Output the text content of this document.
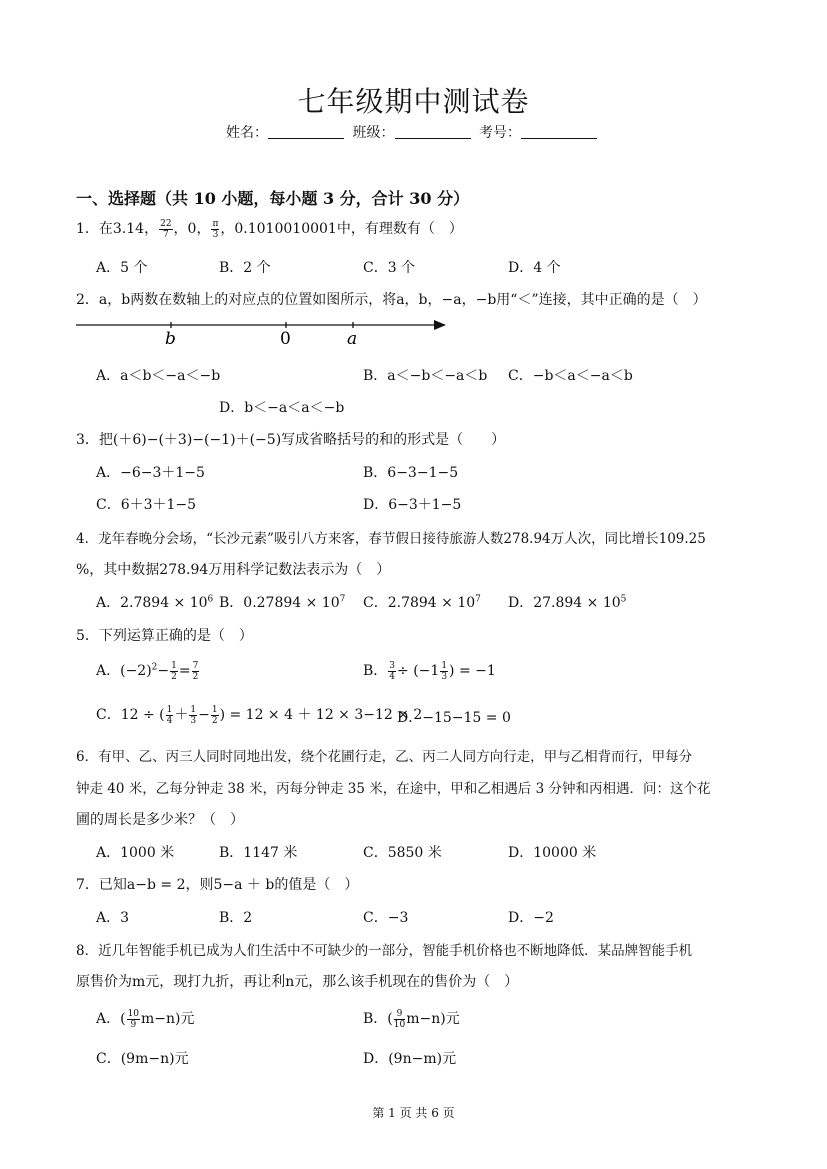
七年级期中测试卷
姓名：	班级：	考号：
一、选择题（共 10 小题，每小题 3 分，合计 30 分）
1．在3.14， $\frac{22}{7}$ ，0， $\frac{\pi}{3}$ ，0.1010010001中，有理数有（　）
A．5 个	B．2 个	C．3 个	D．4 个
2．a，b两数在数轴上的对应点的位置如图所示，将a，b，−a，−b用“＜”连接，其中正确的是（　）
b	0	a
A．a＜b＜−a＜−b	B．a＜−b＜−a＜b C．−b＜a＜−a＜b
D．b＜−a＜a＜−b
3．把(＋6)−(＋3)−(−1)＋(−5)写成省略括号的和的形式是（　　）
A．−6−3＋1−5	B．6−3−1−5
C．6＋3＋1−5	D．6−3＋1−5
4．龙年春晚分会场，“长沙元素”吸引八方来客，春节假日接待旅游人数278.94万人次，同比增长109.25
%，其中数据278.94万用科学记数法表示为（　）
A．$2.7894 \times 10^6$ B．$0.27894 \times 10^7$ C．$2.7894 \times 10^7$ D．$27.894 \times 10^5$
5．下列运算正确的是（　）
A．$(-2)^2- \frac{1}{2} = \frac{7}{2}$	B． $\frac{3}{4} \div (-1 \frac{1}{3}$ ) = −1
C．12 ÷ ( $\frac{1}{4} + \frac{1}{3} - \frac{1}{2}$ ) = 12 × 4 ＋ 12 × 3−12 × 2
D．−15−15 = 0
6．有甲、乙、丙三人同时同地出发，绕个花圃行走，乙、丙二人同方向行走，甲与乙相背而行，甲每分
钟走 40 米，乙每分钟走 38 米，丙每分钟走 35 米，在途中，甲和乙相遇后 3 分钟和丙相遇．问：这个花
圃的周长是多少米？（　）
A．1000 米	B．1147 米	C．5850 米	D．10000 米
7．已知a−b = 2，则5−a ＋ b的值是（　）
A．3	B．2	C．−3	D．−2
8．近几年智能手机已成为人们生活中不可缺少的一部分，智能手机价格也不断地降低．某品牌智能手机
原售价为m元，现打九折，再让利n元，那么该手机现在的售价为（　）
A．( $\frac{10}{9} m-n$)元	B．( $\frac{9}{10} m-n$)元
C．(9m−n)元	D．(9n−m)元
第 1 页 共 6 页
